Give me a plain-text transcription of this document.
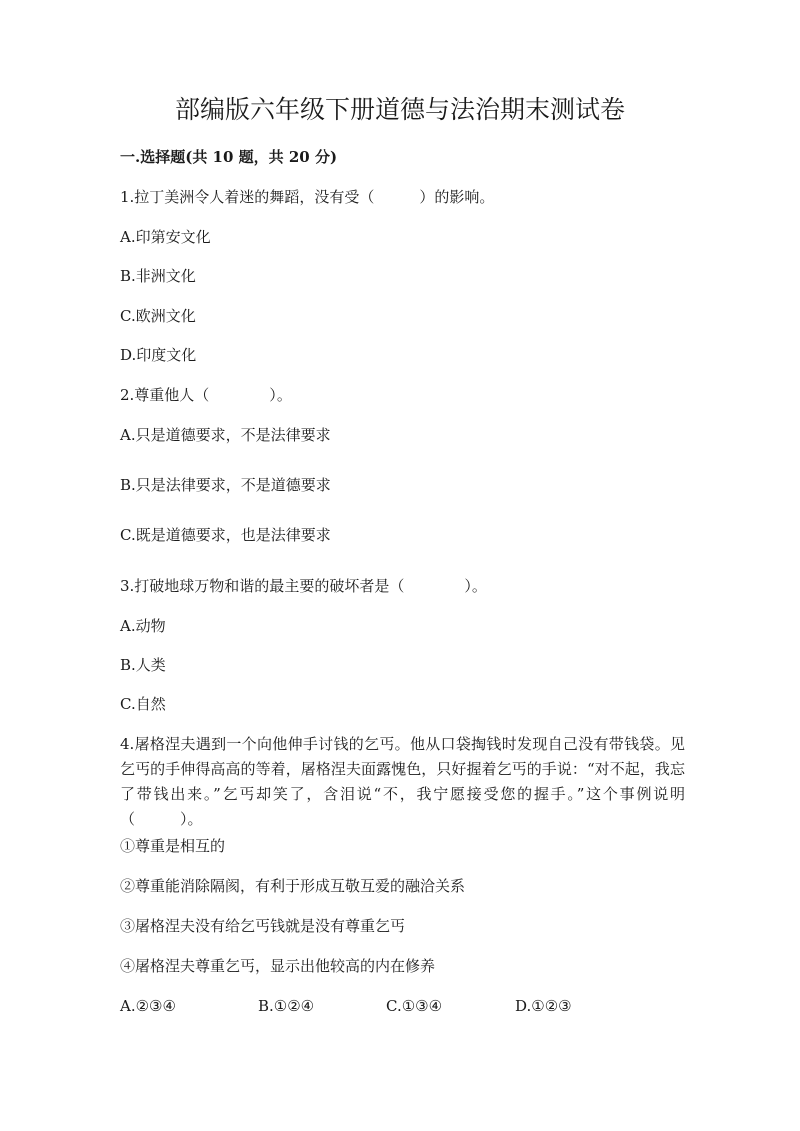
部编版六年级下册道德与法治期末测试卷
一.选择题(共 10 题，共 20 分)
1.拉丁美洲令人着迷的舞蹈，没有受（　　　）的影响。
A.印第安文化
B.非洲文化
C.欧洲文化
D.印度文化
2.尊重他人（　　　　）。
A.只是道德要求，不是法律要求
B.只是法律要求，不是道德要求
C.既是道德要求，也是法律要求
3.打破地球万物和谐的最主要的破坏者是（　　　　）。
A.动物
B.人类
C.自然
4.屠格涅夫遇到一个向他伸手讨钱的乞丐。他从口袋掏钱时发现自己没有带钱袋。见乞丐的手伸得高高的等着，屠格涅夫面露愧色，只好握着乞丐的手说：“对不起，我忘了带钱出来。”乞丐却笑了，含泪说“不，我宁愿接受您的握手。”这个事例说明（　　　）。
①尊重是相互的
②尊重能消除隔阂，有利于形成互敬互爱的融洽关系
③屠格涅夫没有给乞丐钱就是没有尊重乞丐
④屠格涅夫尊重乞丐，显示出他较高的内在修养
A.②③④	B.①②④	C.①③④	D.①②③
